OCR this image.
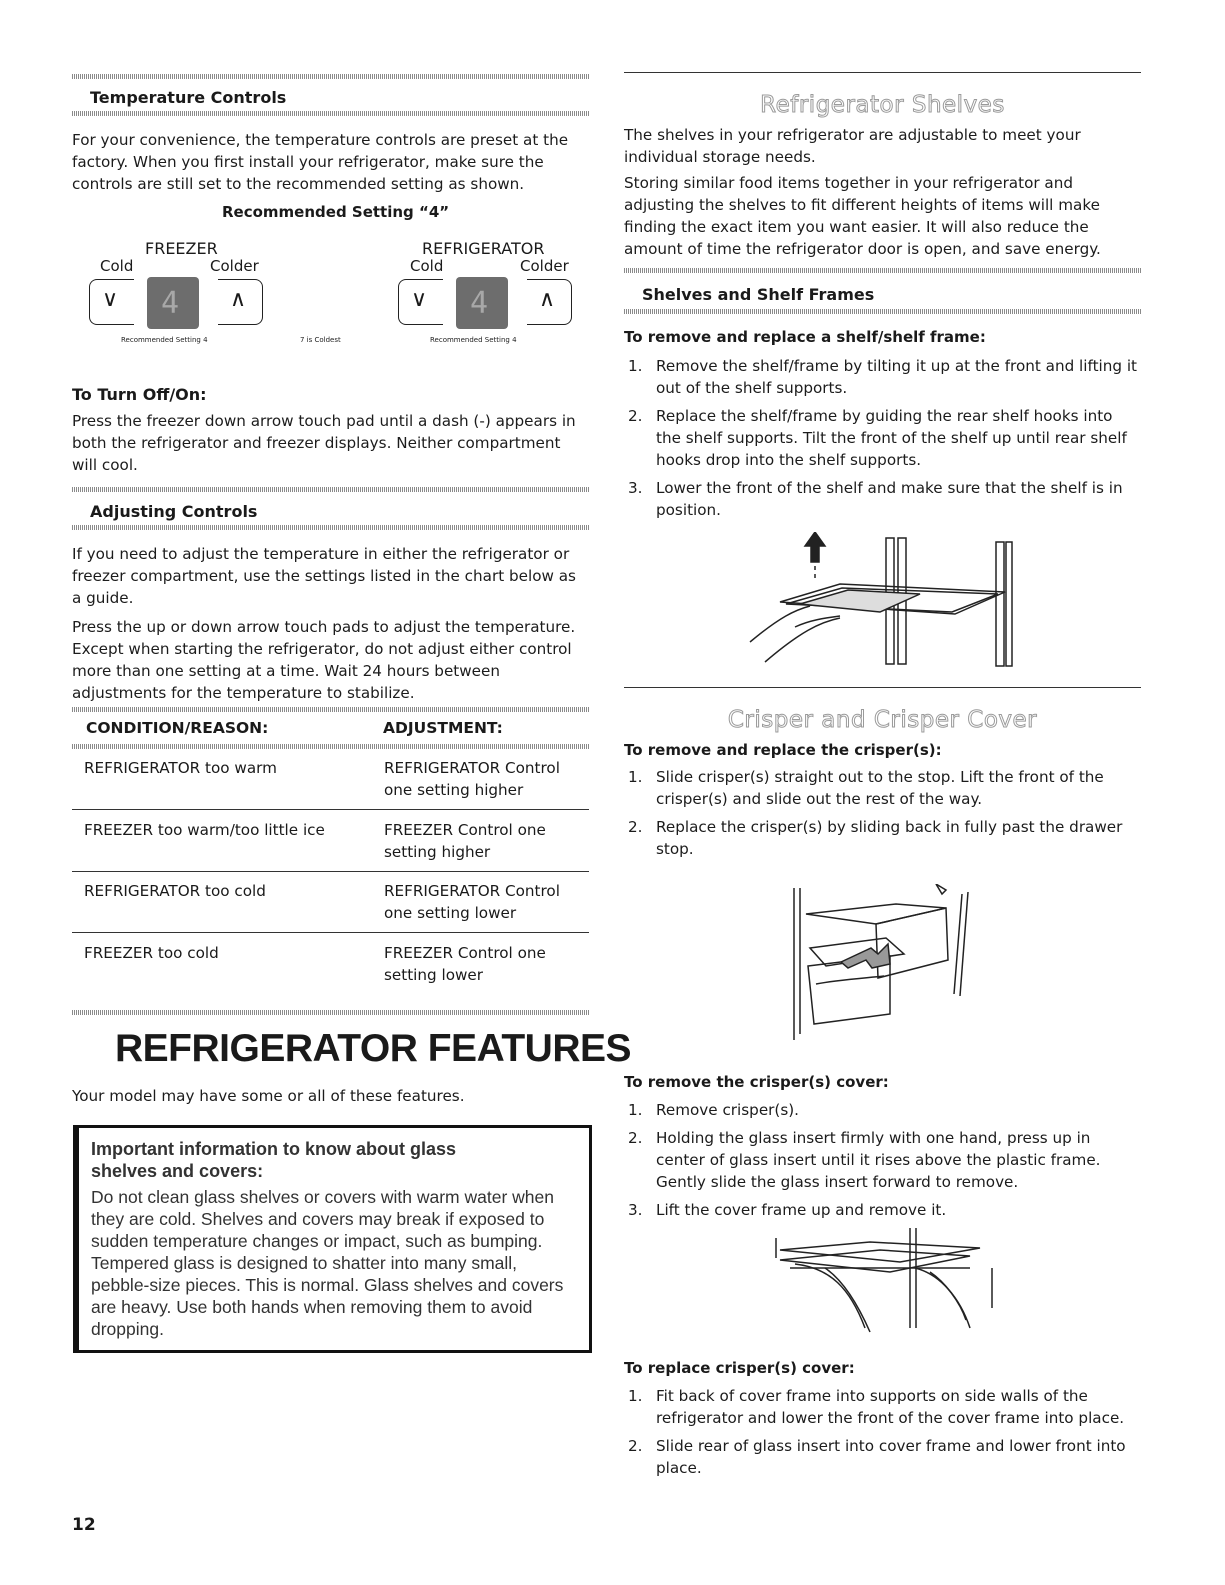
Temperature Controls

For your convenience, the temperature controls are preset at the factory. When you first install your refrigerator, make sure the controls are still set to the recommended setting as shown.

Recommended Setting “4”
FREEZER
Cold	Colder
∨ 4 ∧
Recommended Setting 4	7 is Coldest
REFRIGERATOR
Cold	Colder
∨ 4 ∧
Recommended Setting 4
To Turn Off/On:

Press the freezer down arrow touch pad until a dash (-) appears in both the refrigerator and freezer displays. Neither compartment will cool.

Adjusting Controls

If you need to adjust the temperature in either the refrigerator or freezer compartment, use the settings listed in the chart below as a guide.

Press the up or down arrow touch pads to adjust the temperature. Except when starting the refrigerator, do not adjust either control more than one setting at a time. Wait 24 hours between adjustments for the temperature to stabilize.

CONDITION/REASON:	ADJUSTMENT:
REFRIGERATOR too warm	REFRIGERATOR Control one setting higher
FREEZER too warm/too little ice	FREEZER Control one setting higher
REFRIGERATOR too cold	REFRIGERATOR Control one setting lower
FREEZER too cold	FREEZER Control one setting lower
REFRIGERATOR FEATURES

Your model may have some or all of these features.

Important information to know about glass shelves and covers:
Do not clean glass shelves or covers with warm water when they are cold. Shelves and covers may break if exposed to sudden temperature changes or impact, such as bumping. Tempered glass is designed to shatter into many small, pebble-size pieces. This is normal. Glass shelves and covers are heavy. Use both hands when removing them to avoid dropping.
12
Refrigerator Shelves

The shelves in your refrigerator are adjustable to meet your individual storage needs.

Storing similar food items together in your refrigerator and adjusting the shelves to fit different heights of items will make finding the exact item you want easier. It will also reduce the amount of time the refrigerator door is open, and save energy.

Shelves and Shelf Frames
To remove and replace a shelf/shelf frame:
1. Remove the shelf/frame by tilting it up at the front and lifting it out of the shelf supports.
2. Replace the shelf/frame by guiding the rear shelf hooks into the shelf supports. Tilt the front of the shelf up until rear shelf hooks drop into the shelf supports.
3. Lower the front of the shelf and make sure that the shelf is in position.
Crisper and Crisper Cover
To remove and replace the crisper(s):
1. Slide crisper(s) straight out to the stop. Lift the front of the crisper(s) and slide out the rest of the way.
2. Replace the crisper(s) by sliding back in fully past the drawer stop.
To remove the crisper(s) cover:
1. Remove crisper(s).
2. Holding the glass insert firmly with one hand, press up in center of glass insert until it rises above the plastic frame. Gently slide the glass insert forward to remove.
3. Lift the cover frame up and remove it.
To replace crisper(s) cover:
1. Fit back of cover frame into supports on side walls of the refrigerator and lower the front of the cover frame into place.
2. Slide rear of glass insert into cover frame and lower front into place.
